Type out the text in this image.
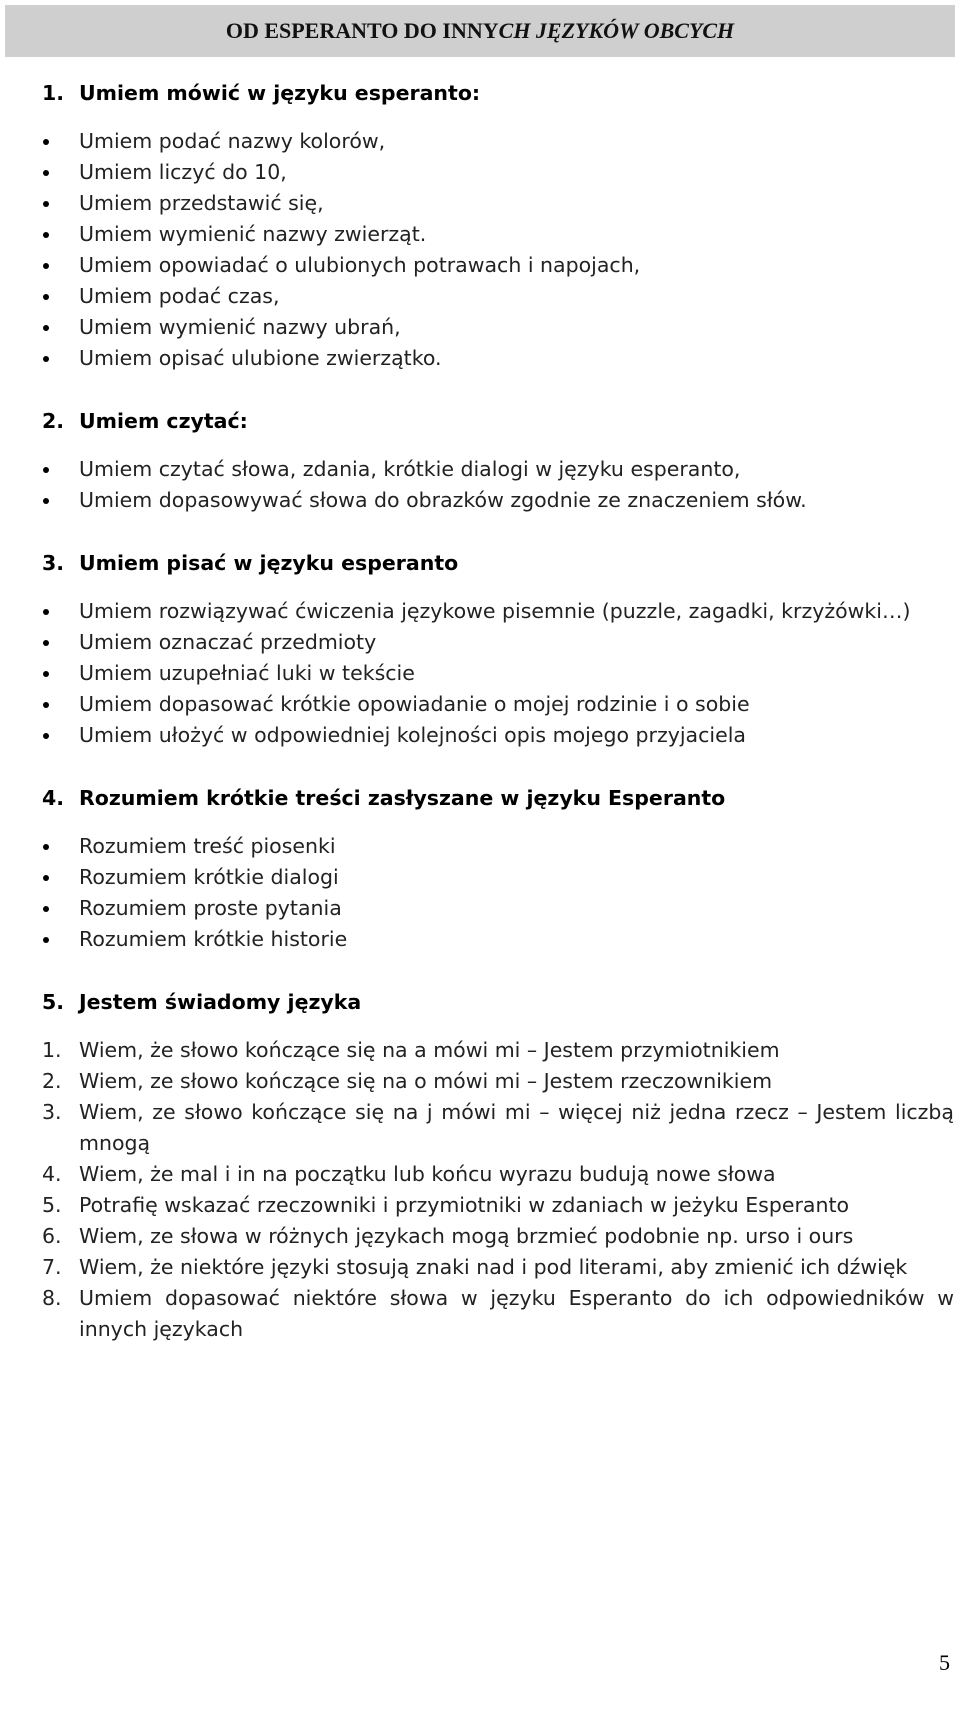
OD ESPERANTO DO INNYCH JĘZYKÓW OBCYCH
1. Umiem mówić w języku esperanto:
Umiem podać nazwy kolorów,
Umiem liczyć do 10,
Umiem przedstawić się,
Umiem wymienić nazwy zwierząt.
Umiem opowiadać o ulubionych potrawach i napojach,
Umiem podać czas,
Umiem wymienić nazwy ubrań,
Umiem opisać ulubione zwierzątko.
2. Umiem czytać:
Umiem czytać słowa, zdania, krótkie dialogi w języku esperanto,
Umiem dopasowywać słowa do obrazków zgodnie ze znaczeniem słów.
3. Umiem pisać w języku esperanto
Umiem rozwiązywać ćwiczenia językowe pisemnie (puzzle, zagadki, krzyżówki…)
Umiem oznaczać przedmioty
Umiem uzupełniać luki w tekście
Umiem dopasować krótkie opowiadanie o mojej rodzinie i o sobie
Umiem ułożyć w odpowiedniej kolejności opis mojego przyjaciela
4. Rozumiem krótkie treści zasłyszane w języku Esperanto
Rozumiem treść piosenki
Rozumiem krótkie dialogi
Rozumiem proste pytania
Rozumiem krótkie historie
5. Jestem świadomy języka
1. Wiem, że słowo kończące się na a mówi mi – Jestem przymiotnikiem
2. Wiem, ze słowo kończące się na o mówi mi – Jestem rzeczownikiem
3. Wiem, ze słowo kończące się na j mówi mi – więcej niż jedna rzecz – Jestem liczbą mnogą
4. Wiem, że mal i in na początku lub końcu wyrazu budują nowe słowa
5. Potrafię wskazać rzeczowniki i przymiotniki w zdaniach w jeżyku Esperanto
6. Wiem, ze słowa w różnych językach mogą brzmieć podobnie np. urso i ours
7. Wiem, że niektóre języki stosują znaki nad i pod literami, aby zmienić ich dźwięk
8. Umiem dopasować niektóre słowa w języku Esperanto do ich odpowiedników w innych językach
5
